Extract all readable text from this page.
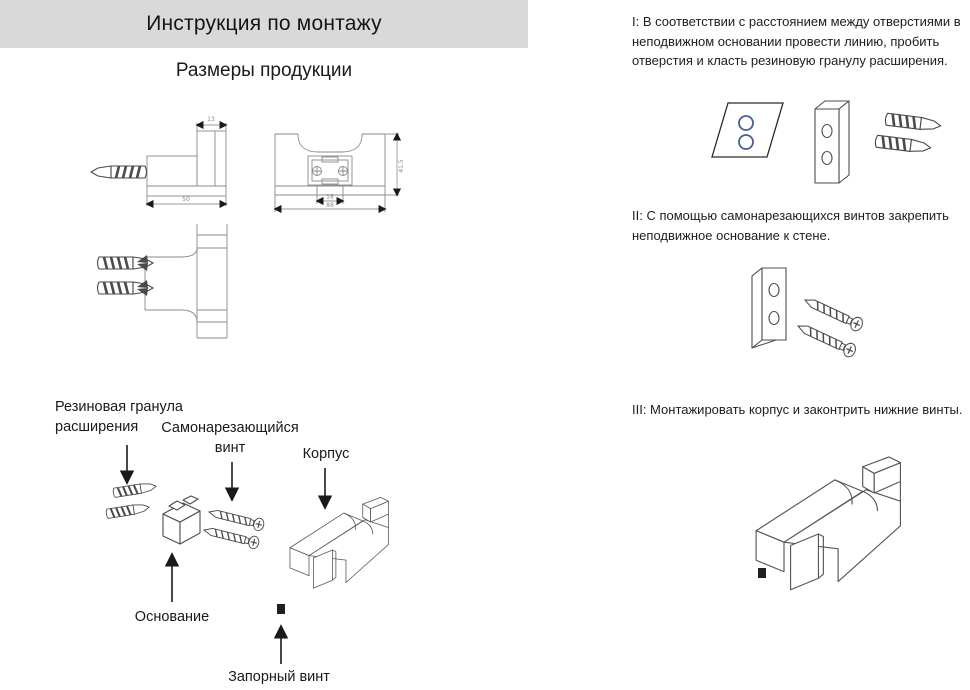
Инструкция по монтажу
Размеры продукции
13
50
41.5
18
88
Резиновая гранула расширения	Самонарезающийся винт	Корпус
Основание
Запорный винт
I: В соответствии с расстоянием между отверстиями в неподвижном основании провести линию, пробить отверстия и класть резиновую гранулу расширения.
II: С помощью самонарезающихся винтов закрепить неподвижное основание к стене.
III: Монтажировать корпус и законтрить нижние винты.
